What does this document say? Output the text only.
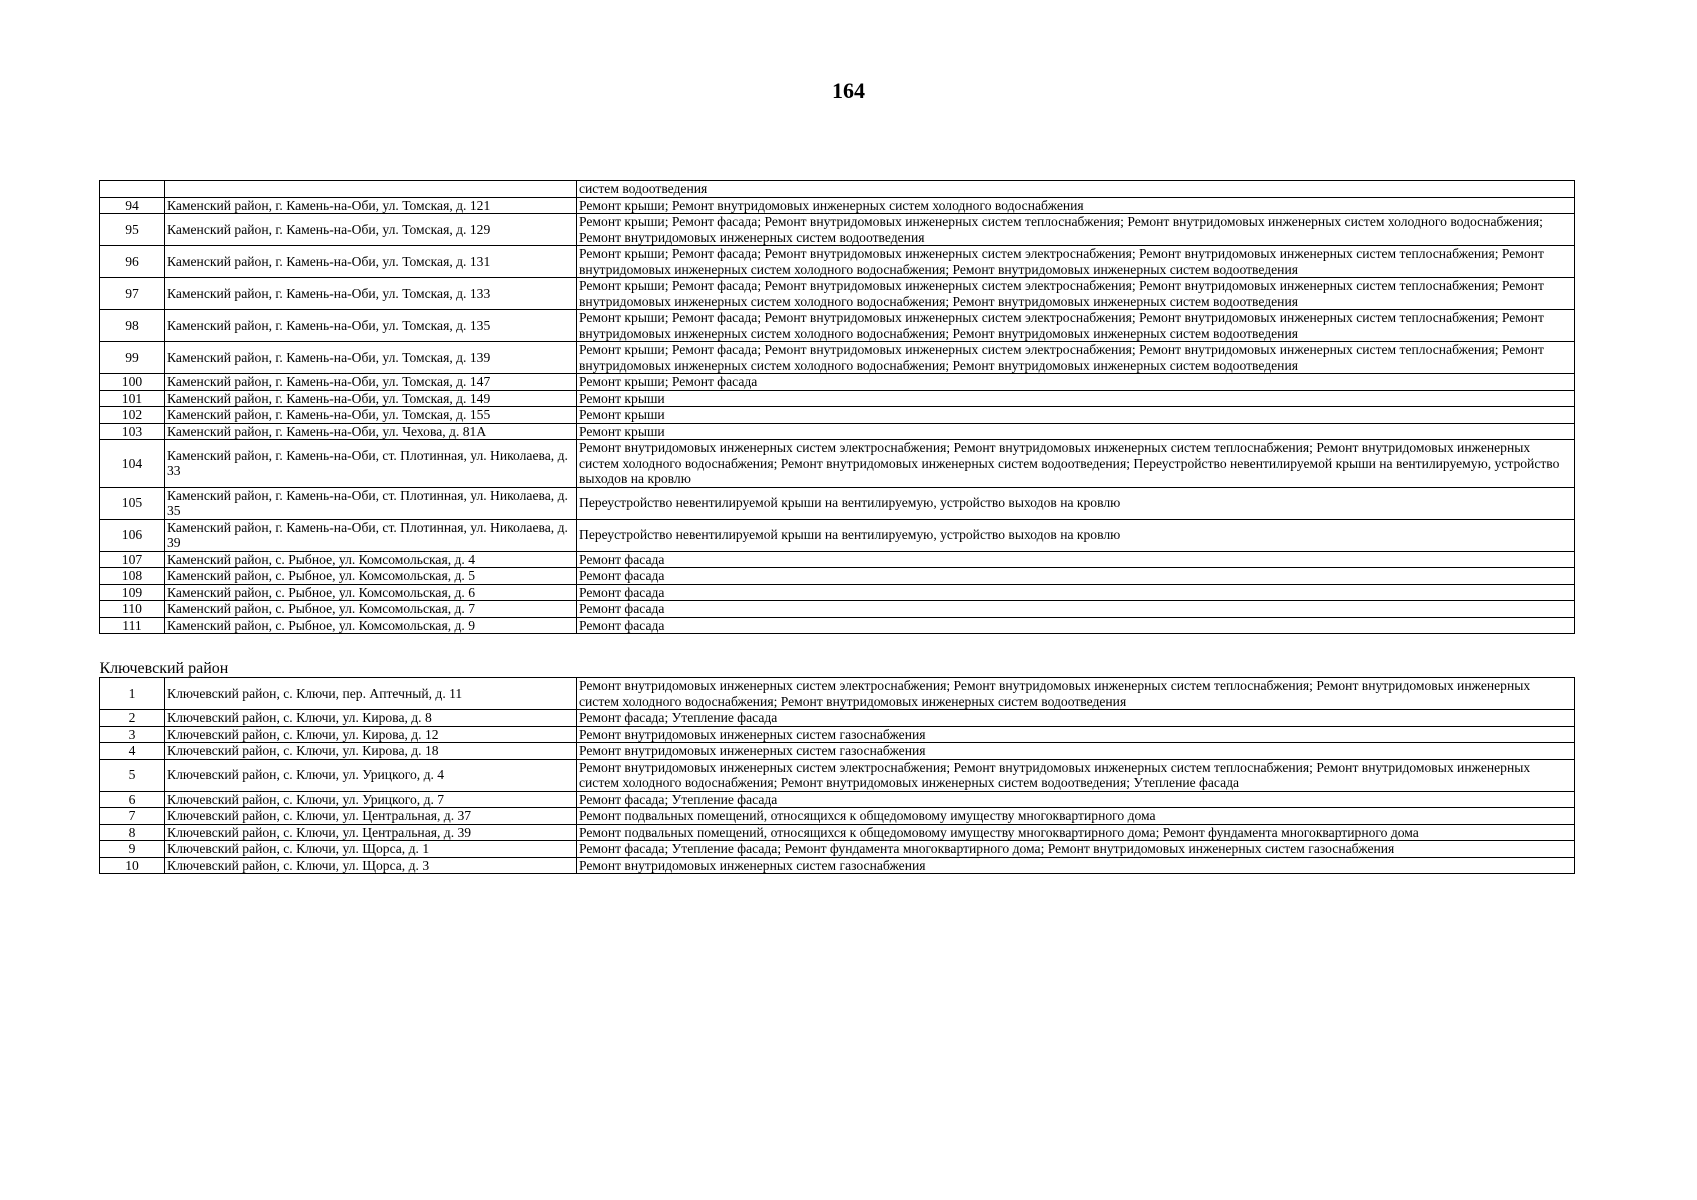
164
		систем водоотведения
94	Каменский район, г. Камень-на-Оби, ул. Томская, д. 121	Ремонт крыши; Ремонт внутридомовых инженерных систем холодного водоснабжения
95	Каменский район, г. Камень-на-Оби, ул. Томская, д. 129	Ремонт крыши; Ремонт фасада; Ремонт внутридомовых инженерных систем теплоснабжения; Ремонт внутридомовых инженерных систем холодного водоснабжения; Ремонт внутридомовых инженерных систем водоотведения
96	Каменский район, г. Камень-на-Оби, ул. Томская, д. 131	Ремонт крыши; Ремонт фасада; Ремонт внутридомовых инженерных систем электроснабжения; Ремонт внутридомовых инженерных систем теплоснабжения; Ремонт внутридомовых инженерных систем холодного водоснабжения; Ремонт внутридомовых инженерных систем водоотведения
97	Каменский район, г. Камень-на-Оби, ул. Томская, д. 133	Ремонт крыши; Ремонт фасада; Ремонт внутридомовых инженерных систем электроснабжения; Ремонт внутридомовых инженерных систем теплоснабжения; Ремонт внутридомовых инженерных систем холодного водоснабжения; Ремонт внутридомовых инженерных систем водоотведения
98	Каменский район, г. Камень-на-Оби, ул. Томская, д. 135	Ремонт крыши; Ремонт фасада; Ремонт внутридомовых инженерных систем электроснабжения; Ремонт внутридомовых инженерных систем теплоснабжения; Ремонт внутридомовых инженерных систем холодного водоснабжения; Ремонт внутридомовых инженерных систем водоотведения
99	Каменский район, г. Камень-на-Оби, ул. Томская, д. 139	Ремонт крыши; Ремонт фасада; Ремонт внутридомовых инженерных систем электроснабжения; Ремонт внутридомовых инженерных систем теплоснабжения; Ремонт внутридомовых инженерных систем холодного водоснабжения; Ремонт внутридомовых инженерных систем водоотведения
100	Каменский район, г. Камень-на-Оби, ул. Томская, д. 147	Ремонт крыши; Ремонт фасада
101	Каменский район, г. Камень-на-Оби, ул. Томская, д. 149	Ремонт крыши
102	Каменский район, г. Камень-на-Оби, ул. Томская, д. 155	Ремонт крыши
103	Каменский район, г. Камень-на-Оби, ул. Чехова, д. 81А	Ремонт крыши
104	Каменский район, г. Камень-на-Оби, ст. Плотинная, ул. Николаева, д. 33	Ремонт внутридомовых инженерных систем электроснабжения; Ремонт внутридомовых инженерных систем теплоснабжения; Ремонт внутридомовых инженерных систем холодного водоснабжения; Ремонт внутридомовых инженерных систем водоотведения; Переустройство невентилируемой крыши на вентилируемую, устройство выходов на кровлю
105	Каменский район, г. Камень-на-Оби, ст. Плотинная, ул. Николаева, д. 35	Переустройство невентилируемой крыши на вентилируемую, устройство выходов на кровлю
106	Каменский район, г. Камень-на-Оби, ст. Плотинная, ул. Николаева, д. 39	Переустройство невентилируемой крыши на вентилируемую, устройство выходов на кровлю
107	Каменский район, с. Рыбное, ул. Комсомольская, д. 4	Ремонт фасада
108	Каменский район, с. Рыбное, ул. Комсомольская, д. 5	Ремонт фасада
109	Каменский район, с. Рыбное, ул. Комсомольская, д. 6	Ремонт фасада
110	Каменский район, с. Рыбное, ул. Комсомольская, д. 7	Ремонт фасада
111	Каменский район, с. Рыбное, ул. Комсомольская, д. 9	Ремонт фасада
Ключевский район		
1	Ключевский район, с. Ключи, пер. Аптечный, д. 11	Ремонт внутридомовых инженерных систем электроснабжения; Ремонт внутридомовых инженерных систем теплоснабжения; Ремонт внутридомовых инженерных систем холодного водоснабжения; Ремонт внутридомовых инженерных систем водоотведения
2	Ключевский район, с. Ключи, ул. Кирова, д. 8	Ремонт фасада; Утепление фасада
3	Ключевский район, с. Ключи, ул. Кирова, д. 12	Ремонт внутридомовых инженерных систем газоснабжения
4	Ключевский район, с. Ключи, ул. Кирова, д. 18	Ремонт внутридомовых инженерных систем газоснабжения
5	Ключевский район, с. Ключи, ул. Урицкого, д. 4	Ремонт внутридомовых инженерных систем электроснабжения; Ремонт внутридомовых инженерных систем теплоснабжения; Ремонт внутридомовых инженерных систем холодного водоснабжения; Ремонт внутридомовых инженерных систем водоотведения; Утепление фасада
6	Ключевский район, с. Ключи, ул. Урицкого, д. 7	Ремонт фасада; Утепление фасада
7	Ключевский район, с. Ключи, ул. Центральная, д. 37	Ремонт подвальных помещений, относящихся к общедомовому имуществу многоквартирного дома
8	Ключевский район, с. Ключи, ул. Центральная, д. 39	Ремонт подвальных помещений, относящихся к общедомовому имуществу многоквартирного дома; Ремонт фундамента многоквартирного дома
9	Ключевский район, с. Ключи, ул. Щорса, д. 1	Ремонт фасада; Утепление фасада; Ремонт фундамента многоквартирного дома; Ремонт внутридомовых инженерных систем газоснабжения
10	Ключевский район, с. Ключи, ул. Щорса, д. 3	Ремонт внутридомовых инженерных систем газоснабжения
